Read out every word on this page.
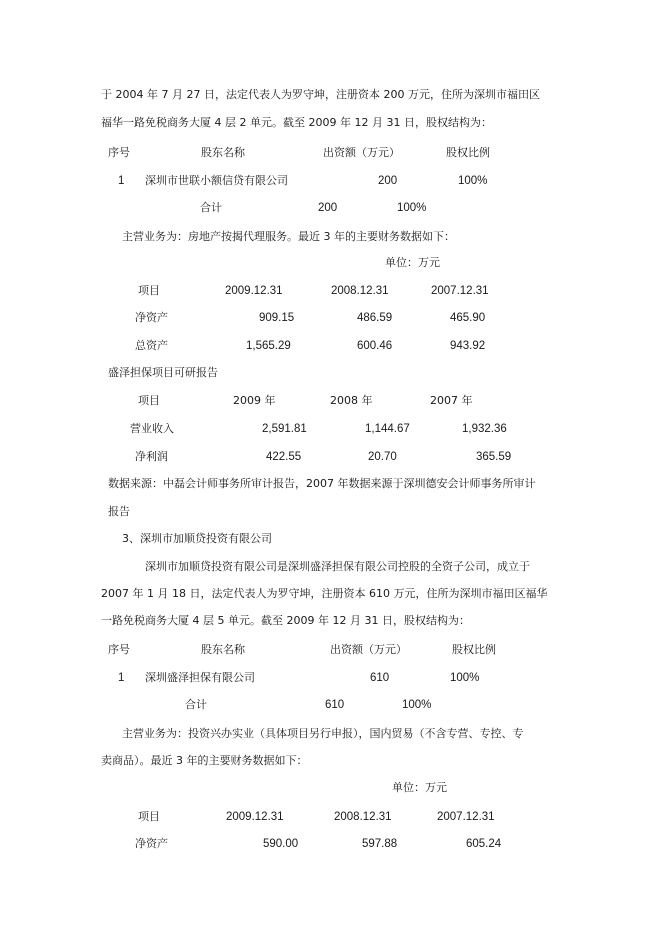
于 2004 年 7 月 27 日，法定代表人为罗守坤，注册资本 200 万元，住所为深圳市福田区
福华一路免税商务大厦 4 层 2 单元。截至 2009 年 12 月 31 日，股权结构为：
序号	股东名称	出资额（万元）	股权比例
1 深圳市世联小额信贷有限公司	200	100%
合计	200	100%
主营业务为：房地产按揭代理服务。最近 3 年的主要财务数据如下：
单位：万元
项目	2009.12.31	2008.12.31	2007.12.31
净资产	909.15	486.59	465.90
总资产	1,565.29	600.46	943.92
盛泽担保项目可研报告
项目	2009 年	2008 年	2007 年
营业收入	2,591.81	1,144.67	1,932.36
净利润	422.55	20.70	365.59
数据来源：中磊会计师事务所审计报告，2007 年数据来源于深圳德安会计师事务所审计
报告
3、深圳市加顺贷投资有限公司
深圳市加顺贷投资有限公司是深圳盛泽担保有限公司控股的全资子公司，成立于
2007 年 1 月 18 日，法定代表人为罗守坤，注册资本 610 万元，住所为深圳市福田区福华
一路免税商务大厦 4 层 5 单元。截至 2009 年 12 月 31 日，股权结构为：
序号	股东名称	出资额（万元）	股权比例
1 深圳盛泽担保有限公司	610	100%
合计	610	100%
主营业务为：投资兴办实业（具体项目另行申报），国内贸易（不含专营、专控、专
卖商品）。最近 3 年的主要财务数据如下：
单位：万元
项目	2009.12.31	2008.12.31	2007.12.31
净资产	590.00	597.88	605.24
